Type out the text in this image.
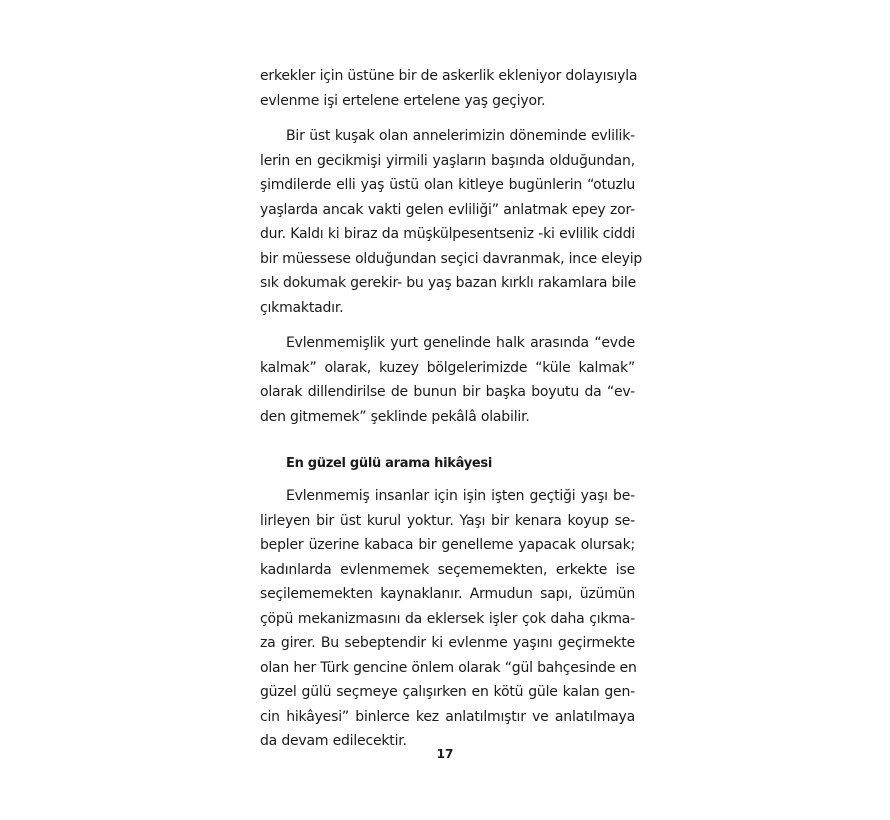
erkekler için üstüne bir de askerlik ekleniyor dolayısıyla
evlenme işi ertelene ertelene yaş geçiyor.
Bir üst kuşak olan annelerimizin döneminde evlilik-
lerin en gecikmişi yirmili yaşların başında olduğundan,
şimdilerde elli yaş üstü olan kitleye bugünlerin “otuzlu
yaşlarda ancak vakti gelen evliliği” anlatmak epey zor-
dur. Kaldı ki biraz da müşkülpesentseniz -ki evlilik ciddi
bir müessese olduğundan seçici davranmak, ince eleyip
sık dokumak gerekir- bu yaş bazan kırklı rakamlara bile
çıkmaktadır.
Evlenmemişlik yurt genelinde halk arasında “evde
kalmak” olarak, kuzey bölgelerimizde “küle kalmak”
olarak dillendirilse de bunun bir başka boyutu da “ev-
den gitmemek” şeklinde pekâlâ olabilir.
En güzel gülü arama hikâyesi
Evlenmemiş insanlar için işin işten geçtiği yaşı be-
lirleyen bir üst kurul yoktur. Yaşı bir kenara koyup se-
bepler üzerine kabaca bir genelleme yapacak olursak;
kadınlarda evlenmemek seçememekten, erkekte ise
seçilememekten kaynaklanır. Armudun sapı, üzümün
çöpü mekanizmasını da eklersek işler çok daha çıkma-
za girer. Bu sebeptendir ki evlenme yaşını geçirmekte
olan her Türk gencine önlem olarak “gül bahçesinde en
güzel gülü seçmeye çalışırken en kötü güle kalan gen-
cin hikâyesi” binlerce kez anlatılmıştır ve anlatılmaya
da devam edilecektir.
17
